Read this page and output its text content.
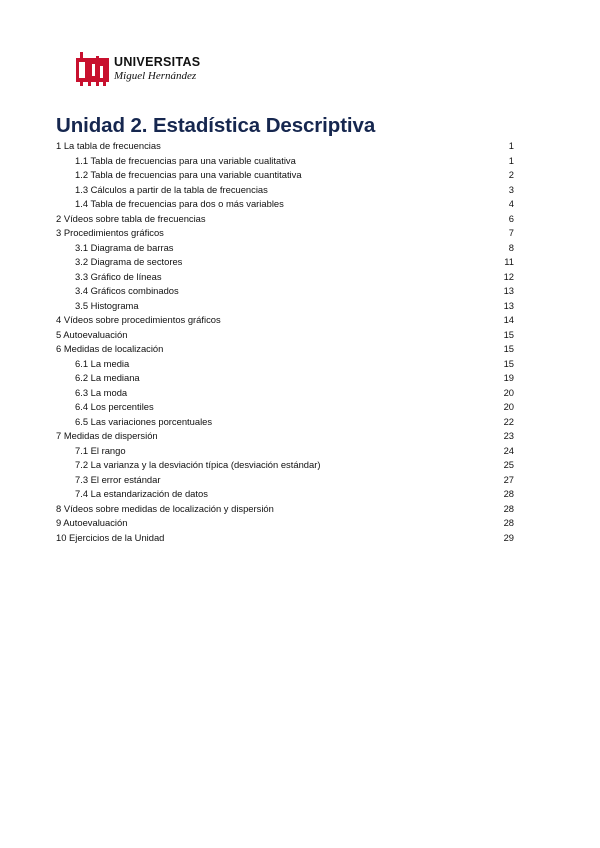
UNIVERSITAS
Miguel Hernández
Unidad 2. Estadística Descriptiva
1 La tabla de frecuencias	1
1.1 Tabla de frecuencias para una variable cualitativa	1
1.2 Tabla de frecuencias para una variable cuantitativa	2
1.3 Cálculos a partir de la tabla de frecuencias	3
1.4 Tabla de frecuencias para dos o más variables	4
2 Vídeos sobre tabla de frecuencias	6
3 Procedimientos gráficos	7
3.1 Diagrama de barras	8
3.2 Diagrama de sectores	11
3.3 Gráfico de líneas	12
3.4 Gráficos combinados	13
3.5 Histograma	13
4 Vídeos sobre procedimientos gráficos	14
5 Autoevaluación	15
6 Medidas de localización	15
6.1 La media	15
6.2 La mediana	19
6.3 La moda	20
6.4 Los percentiles	20
6.5 Las variaciones porcentuales	22
7 Medidas de dispersión	23
7.1 El rango	24
7.2 La varianza y la desviación típica (desviación estándar)	25
7.3 El error estándar	27
7.4 La estandarización de datos	28
8 Vídeos sobre medidas de localización y dispersión	28
9 Autoevaluación	28
10 Ejercicios de la Unidad	29
